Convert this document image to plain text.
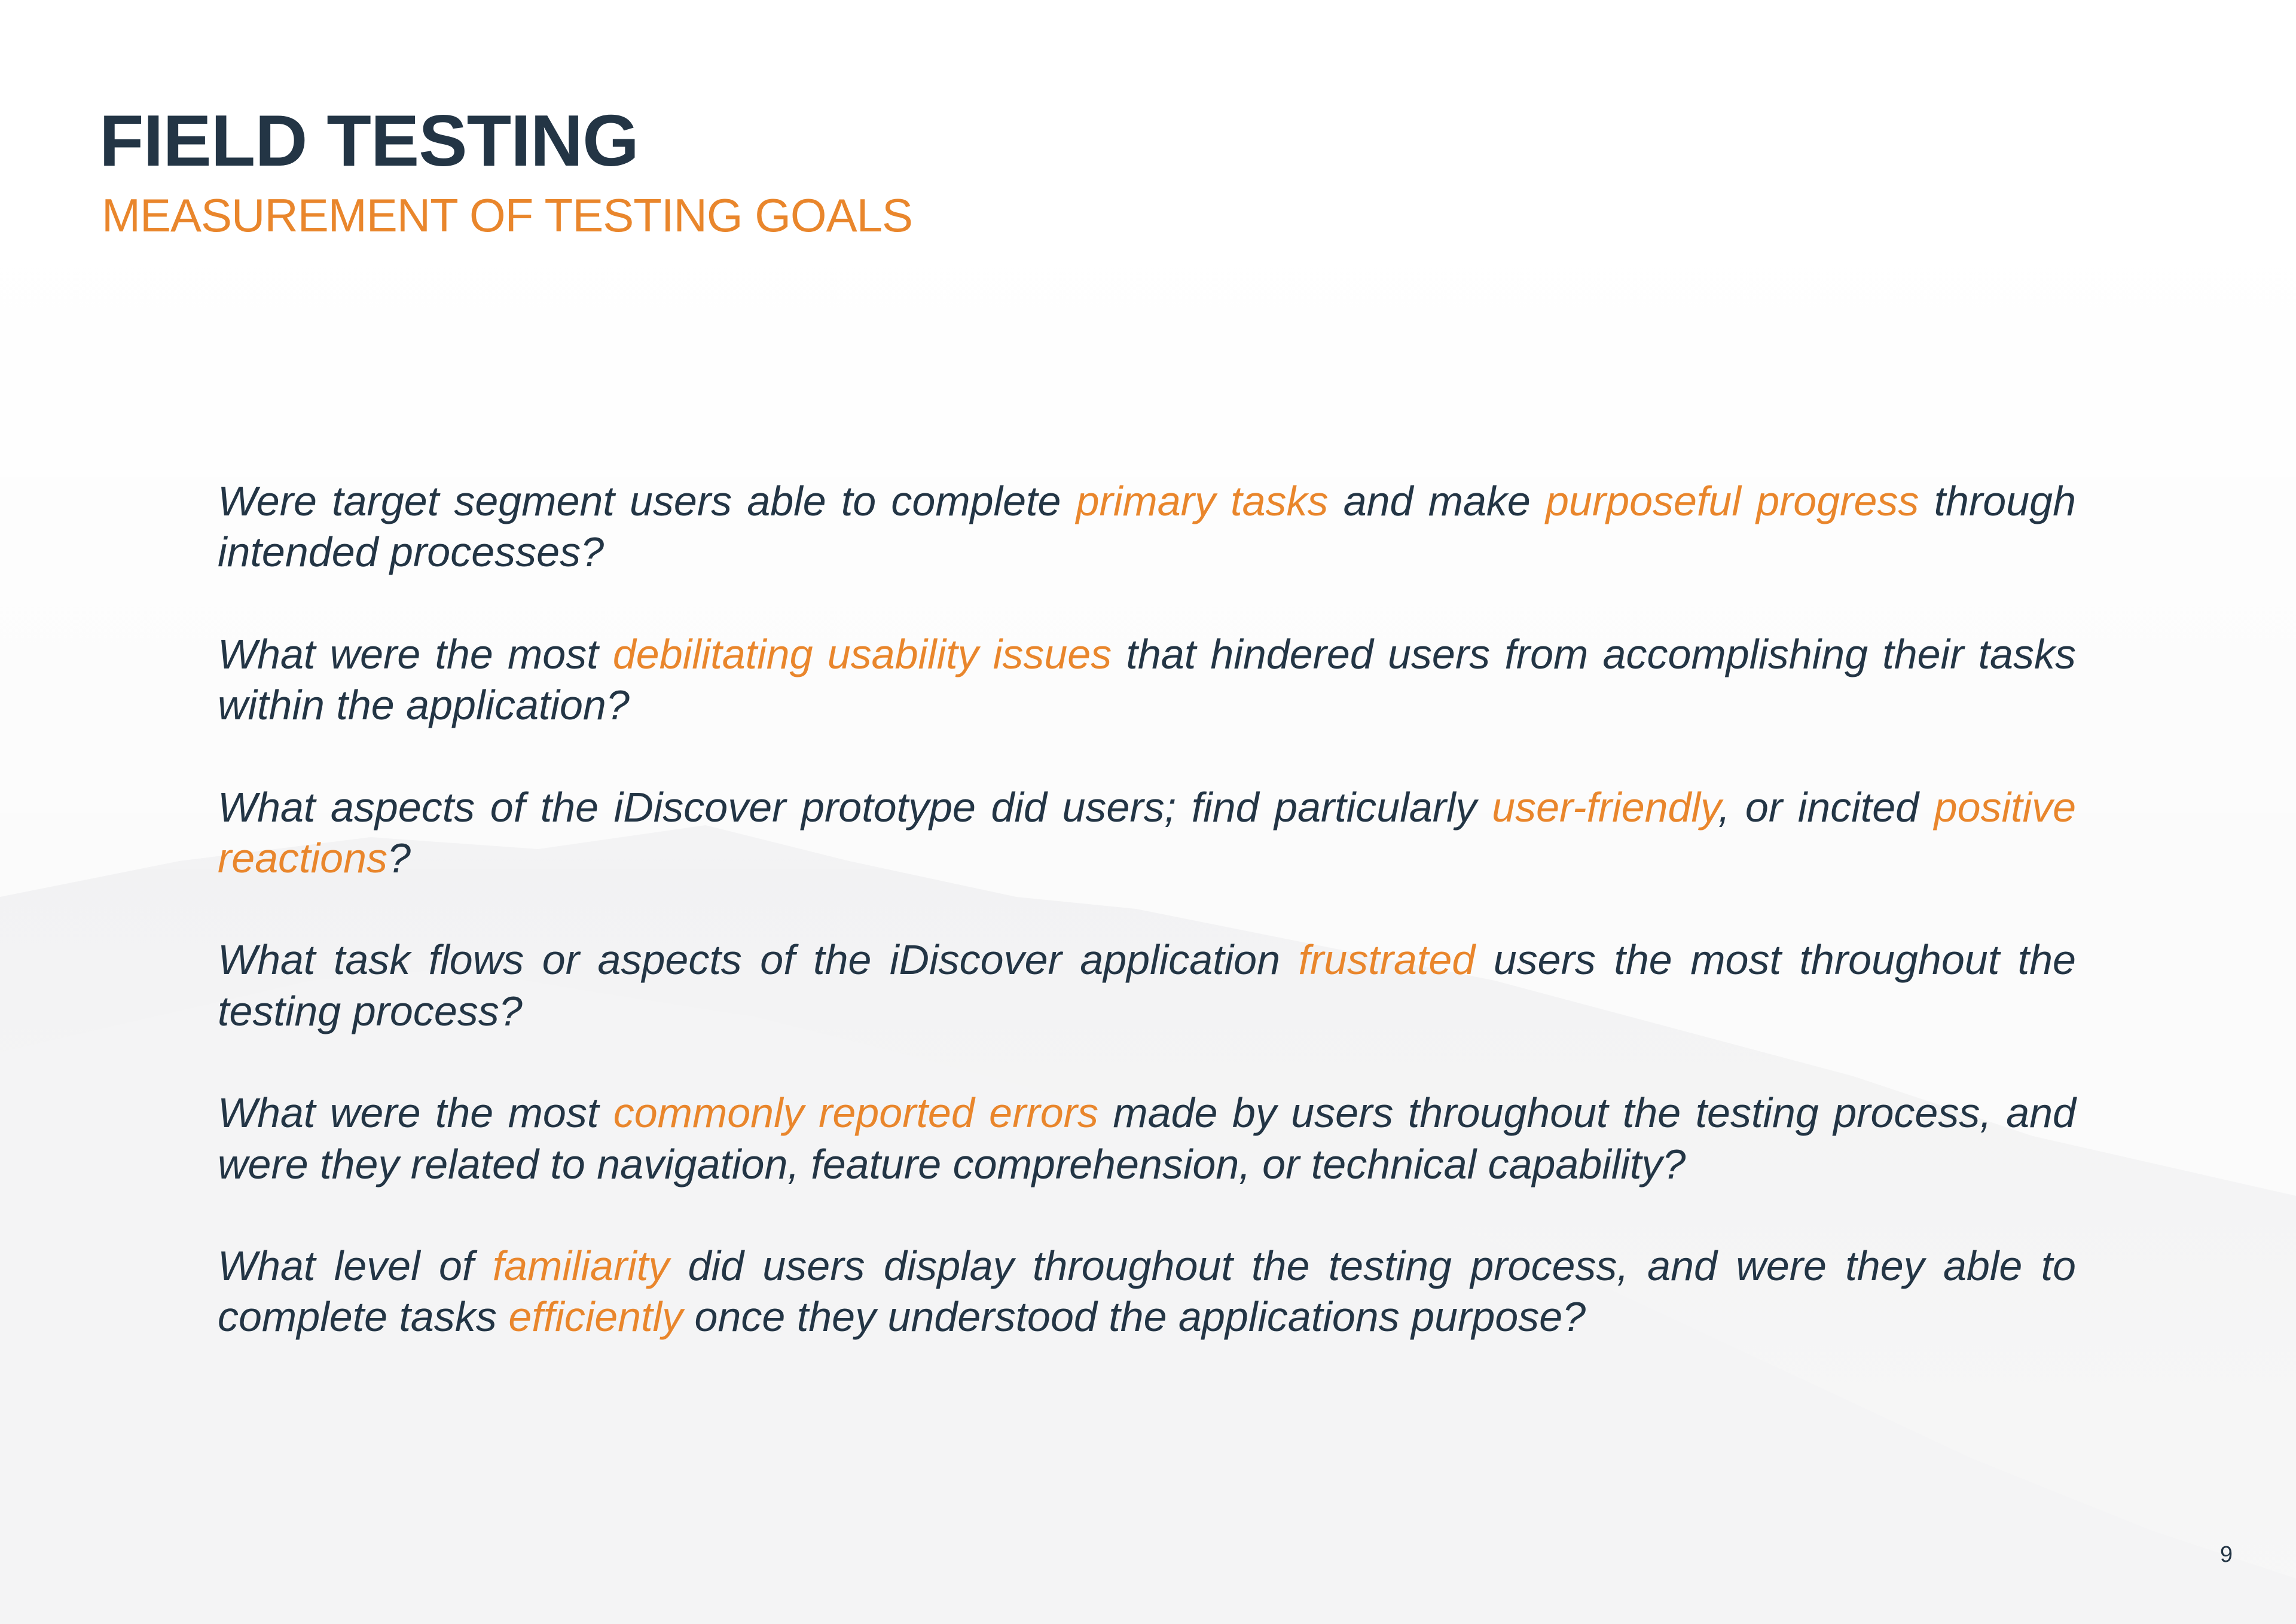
FIELD TESTING
MEASUREMENT OF TESTING GOALS

Were target segment users able to complete primary tasks and make purposeful progress through intended processes?

What were the most debilitating usability issues that hindered users from accomplishing their tasks within the application?

What aspects of the iDiscover prototype did users; find particularly user-friendly, or incited positive reactions?

What task flows or aspects of the iDiscover application frustrated users the most throughout the testing process?

What were the most commonly reported errors made by users throughout the testing process, and were they related to navigation, feature comprehension, or technical capability?

What level of familiarity did users display throughout the testing process, and were they able to complete tasks efficiently once they understood the applications purpose?

9
